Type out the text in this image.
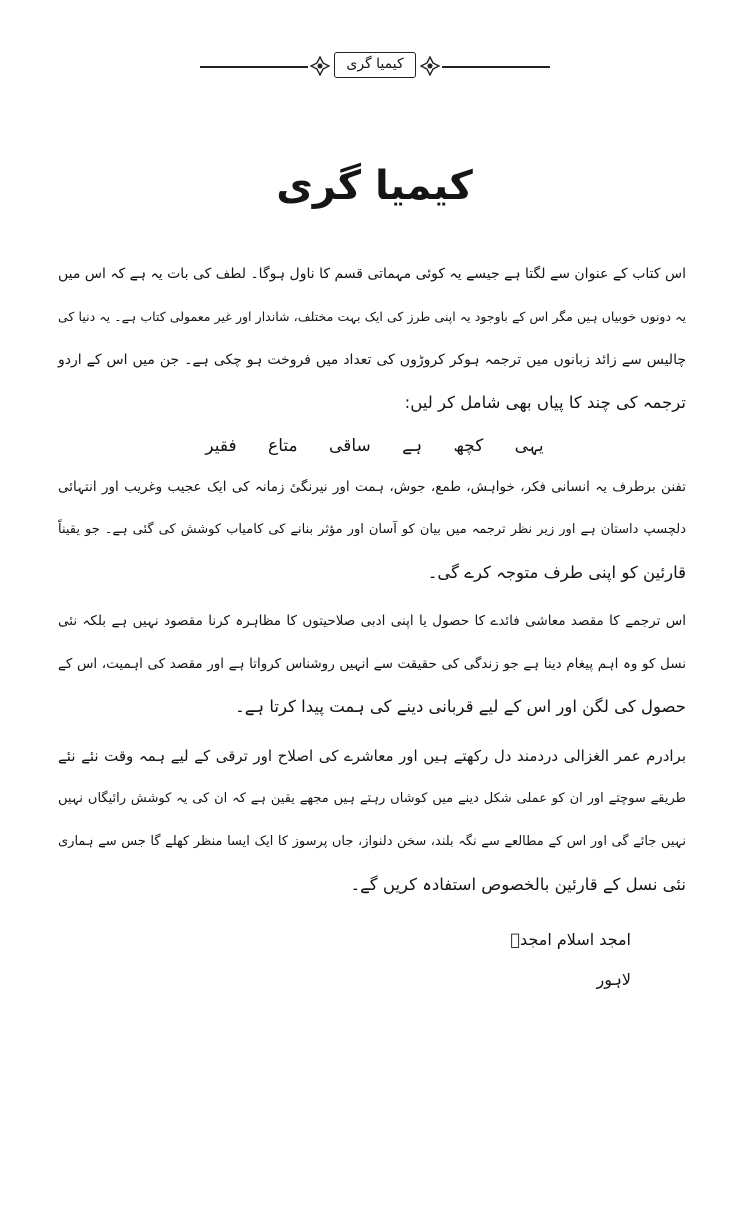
کیمیا گری
کیمیا گری
اس کتاب کے عنوان سے لگتا ہے جیسے یہ کوئی مہماتی قسم کا ناول ہوگا۔ لطف کی بات یہ ہے کہ اس میں
یہ دونوں خوبیاں ہیں مگر اس کے باوجود یہ اپنی طرز کی ایک بہت مختلف، شاندار اور غیر معمولی کتاب ہے۔ یہ دنیا کی
چالیس سے زائد زبانوں میں ترجمہ ہوکر کروڑوں کی تعداد میں فروخت ہو چکی ہے۔ جن میں اس کے اردو
ترجمہ کی چند کا پیاں بھی شامل کر لیں:
یہی کچھ ہے ساقی متاع فقیر
تفنن برطرف یہ انسانی فکر، خواہش، طمع، جوش، ہمت اور نیرنگیٔ زمانہ کی ایک عجیب وغریب اور انتہائی
دلچسپ داستان ہے اور زیر نظر ترجمہ میں بیان کو آسان اور مؤثر بنانے کی کامیاب کوشش کی گئی ہے۔ جو یقیناً
قارئین کو اپنی طرف متوجہ کرے گی۔
اس ترجمے کا مقصد معاشی فائدے کا حصول یا اپنی ادبی صلاحیتوں کا مظاہرہ کرنا مقصود نہیں ہے بلکہ نئی
نسل کو وہ اہم پیغام دینا ہے جو زندگی کی حقیقت سے انہیں روشناس کرواتا ہے اور مقصد کی اہمیت، اس کے
حصول کی لگن اور اس کے لیے قربانی دینے کی ہمت پیدا کرتا ہے۔
برادرم عمر الغزالی دردمند دل رکھتے ہیں اور معاشرے کی اصلاح اور ترقی کے لیے ہمہ وقت نئے نئے
طریقے سوچتے اور ان کو عملی شکل دینے میں کوشاں رہتے ہیں مجھے یقین ہے کہ ان کی یہ کوشش رائیگاں نہیں
نہیں جائے گی اور اس کے مطالعے سے نگہ بلند، سخن دلنواز، جاں پرسوز کا ایک ایسا منظر کھلے گا جس سے ہماری
نئی نسل کے قارئین بالخصوص استفادہ کریں گے۔
امجد اسلام امجدؔ
لاہور
